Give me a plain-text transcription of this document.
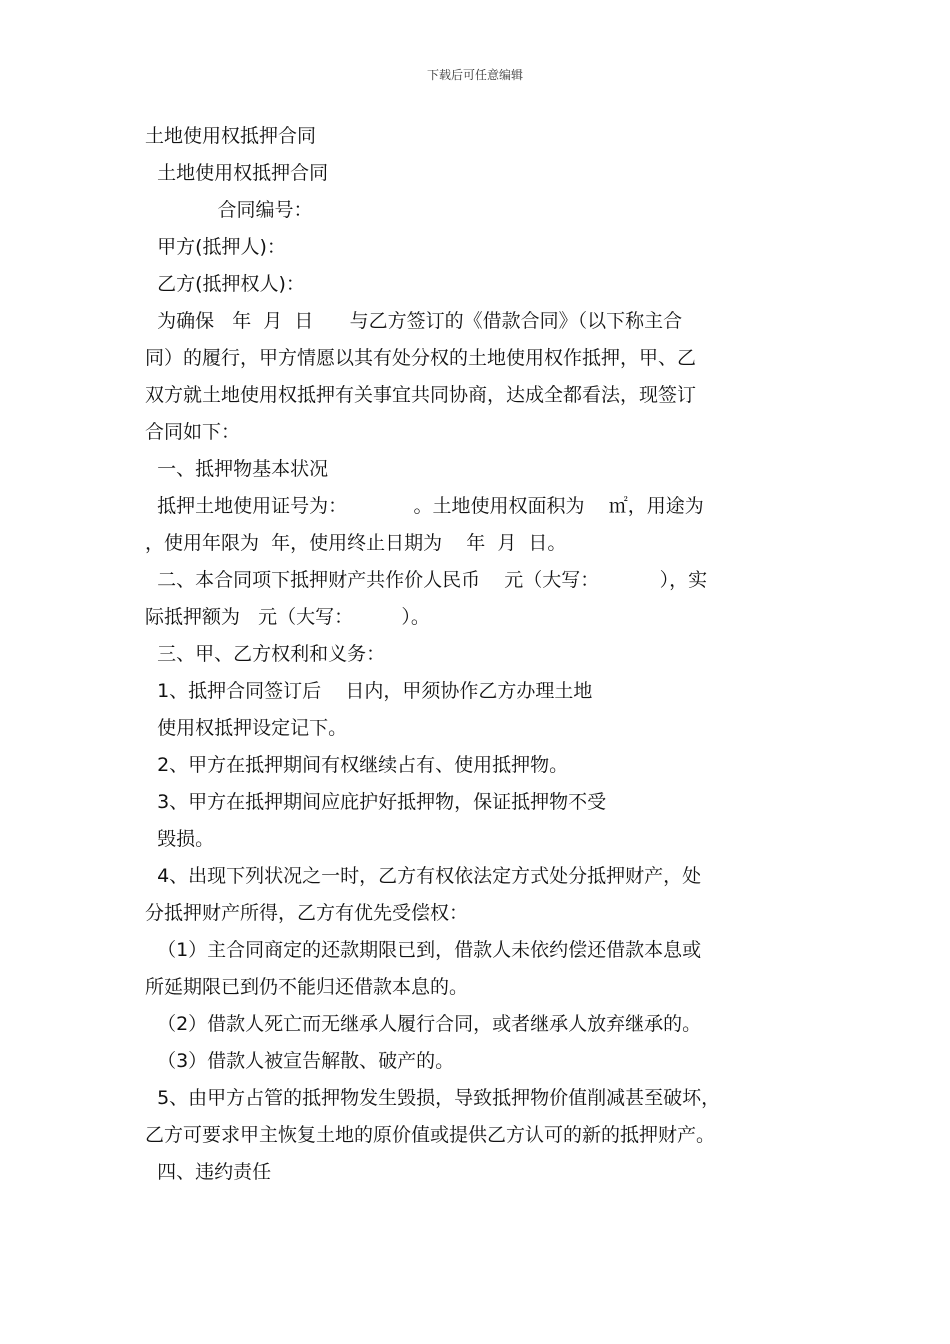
下载后可任意编辑

土地使用权抵押合同

土地使用权抵押合同

合同编号：

甲方(抵押人)：

乙方(抵押权人)：

为确保   年  月  日      与乙方签订的《借款合同》（以下称主合

同）的履行，甲方情愿以其有处分权的土地使用权作抵押，甲、乙

双方就土地使用权抵押有关事宜共同协商，达成全都看法，现签订

合同如下：

一、抵押物基本状况

抵押土地使用证号为：           。土地使用权面积为    ㎡，用途为

，使用年限为  年，使用终止日期为    年  月  日。

二、本合同项下抵押财产共作价人民币    元（大写：          ），实

际抵押额为   元（大写：        ）。

三、甲、乙方权利和义务：

1、抵押合同签订后    日内，甲须协作乙方办理土地

使用权抵押设定记下。

2、甲方在抵押期间有权继续占有、使用抵押物。

3、甲方在抵押期间应庇护好抵押物，保证抵押物不受

毁损。

4、出现下列状况之一时，乙方有权依法定方式处分抵押财产，处

分抵押财产所得，乙方有优先受偿权：

（1）主合同商定的还款期限已到，借款人未依约偿还借款本息或

所延期限已到仍不能归还借款本息的。

（2）借款人死亡而无继承人履行合同，或者继承人放弃继承的。

（3）借款人被宣告解散、破产的。

5、由甲方占管的抵押物发生毁损，导致抵押物价值削减甚至破坏，

乙方可要求甲主恢复土地的原价值或提供乙方认可的新的抵押财产。

四、违约责任
